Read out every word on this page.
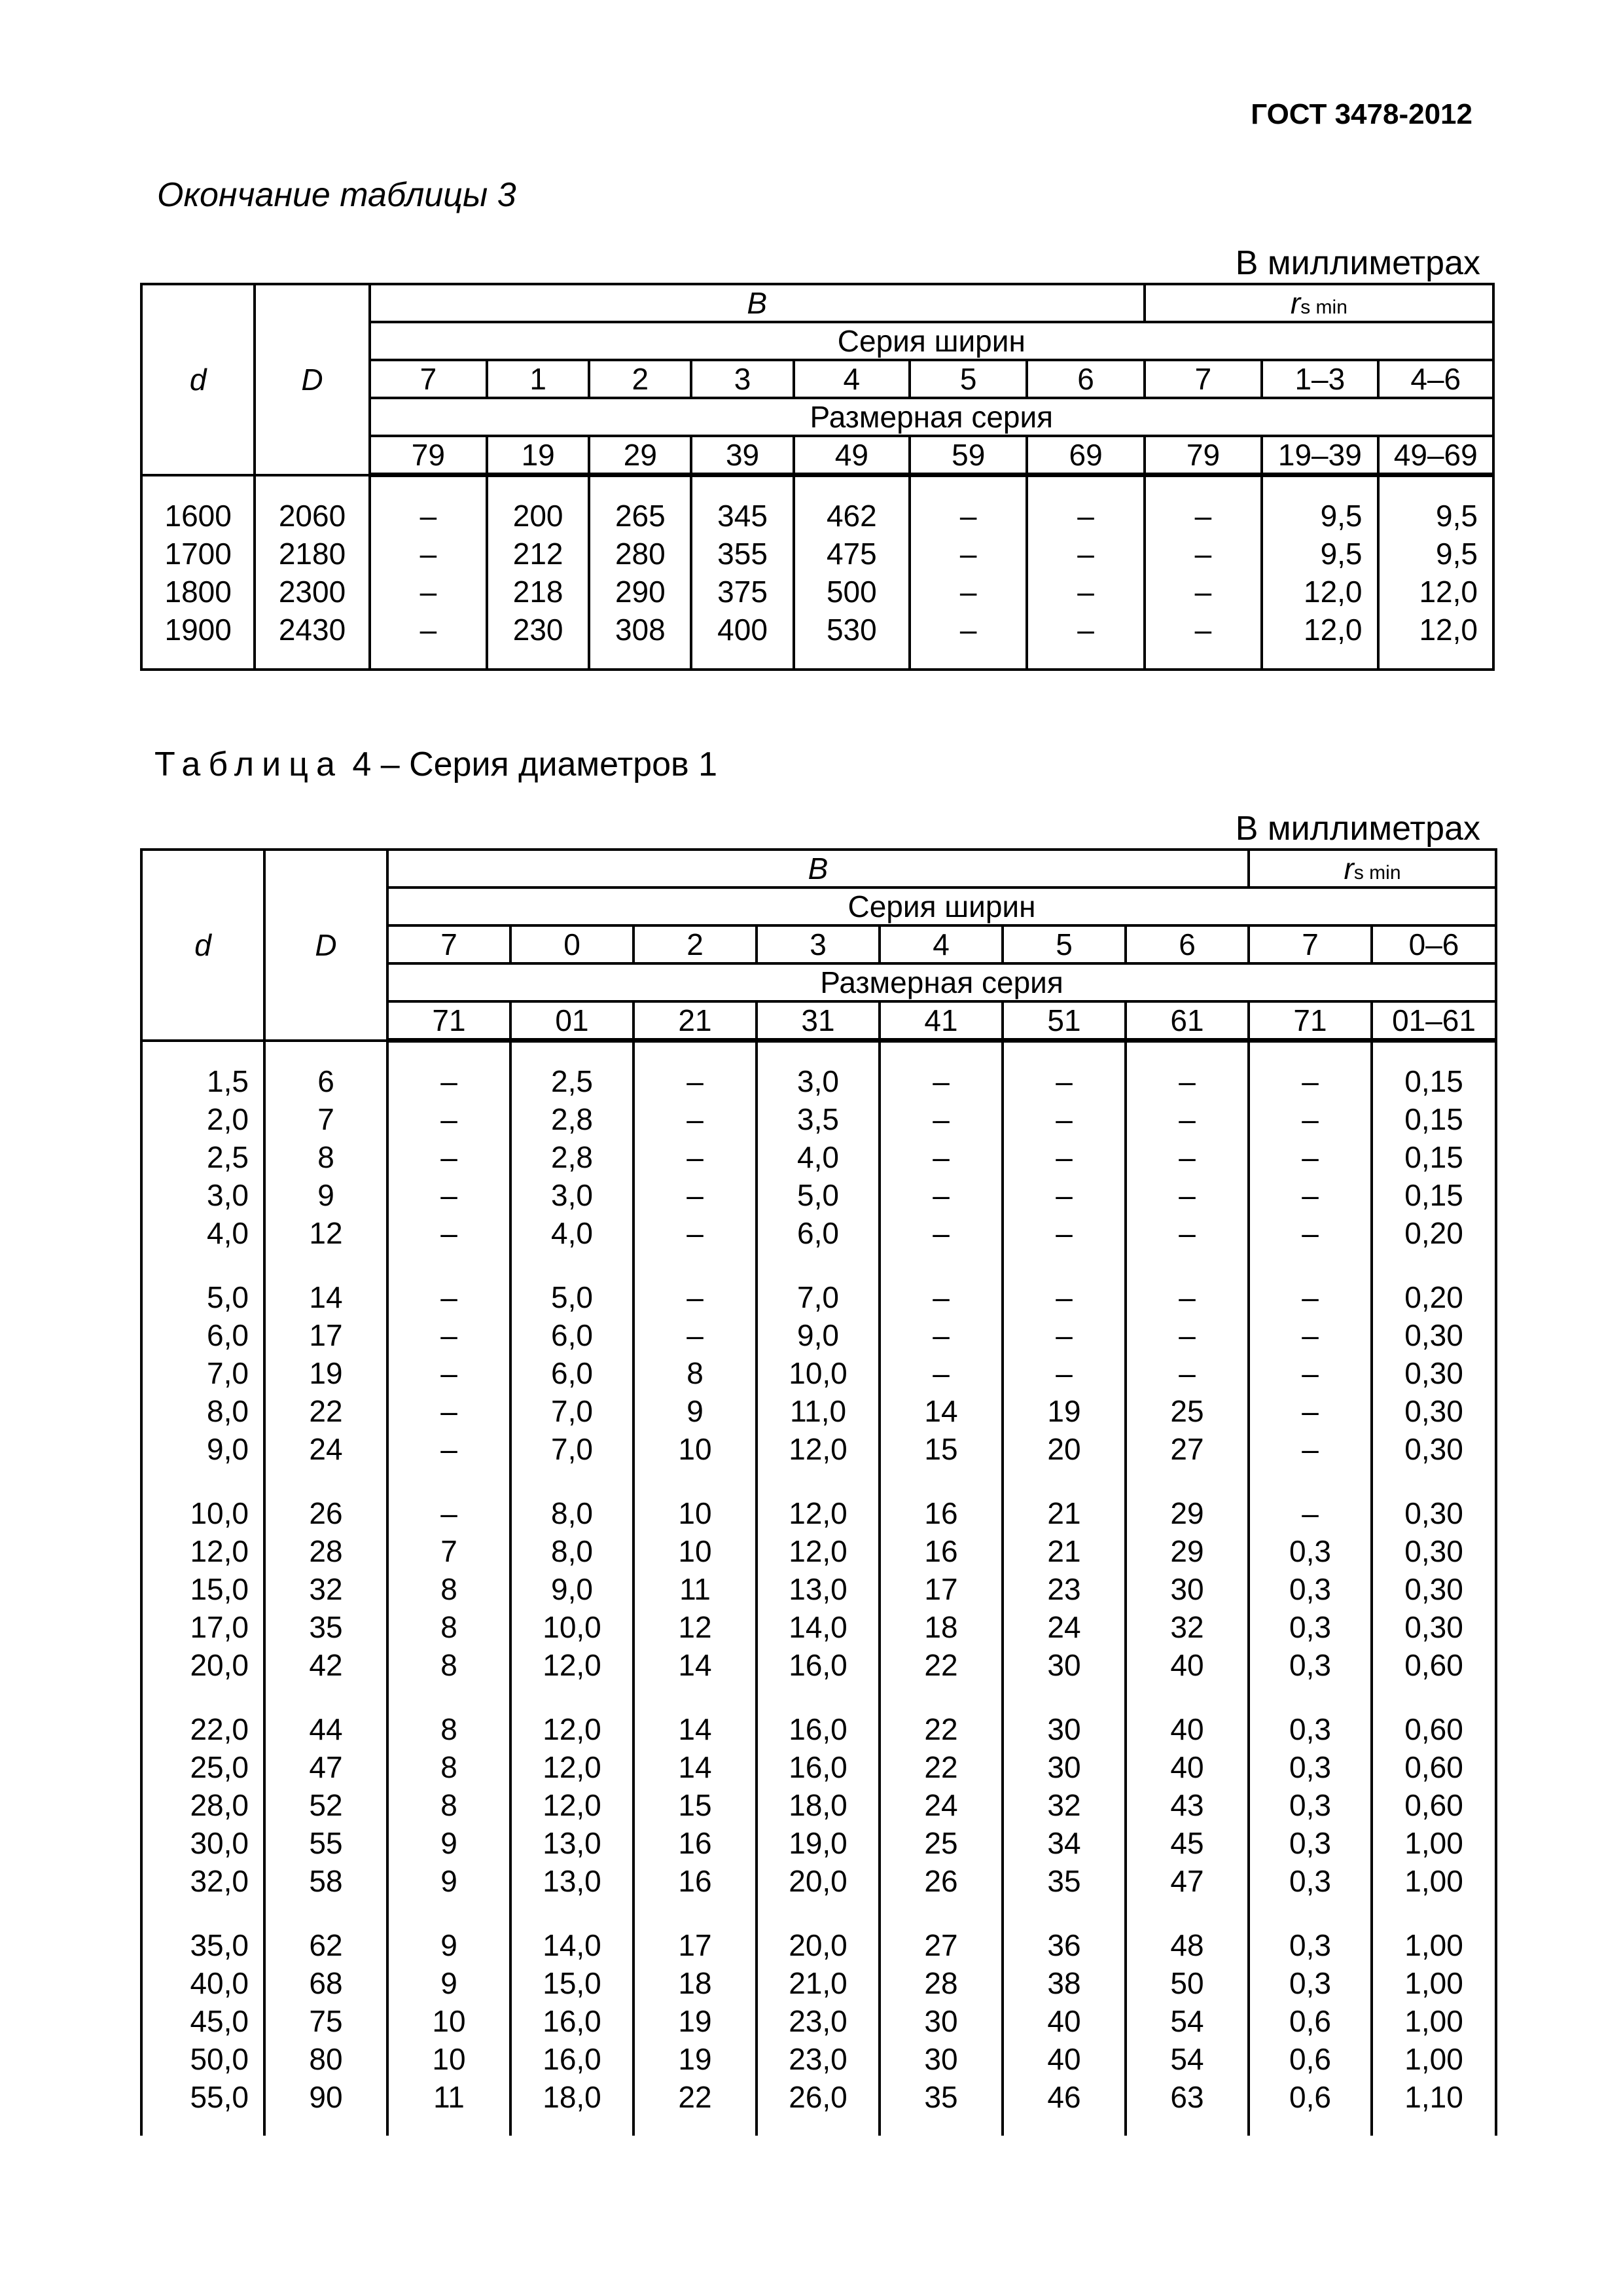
ГОСТ 3478-2012
Окончание таблицы 3
В миллиметрах
d	D	B							rs min		
		Серия ширин									
		7	1	2	3	4	5	6	7	1–3	4–6
		Размерная серия									
		79	19	29	39	49	59	69	79	19–39	49–69

1600	2060	–	200	265	345	462	–	–	–	9,5	9,5
1700	2180	–	212	280	355	475	–	–	–	9,5	9,5
1800	2300	–	218	290	375	500	–	–	–	12,0	12,0
1900	2430	–	230	308	400	530	–	–	–	12,0	12,0

Таблица 4 – Серия диаметров 1
В миллиметрах
d	D	B							rs min	
		Серия ширин								
		7	0	2	3	4	5	6	7	0–6
		Размерная серия								
		71	01	21	31	41	51	61	71	01–61

1,5	6	–	2,5	–	3,0	–	–	–	–	0,15
2,0	7	–	2,8	–	3,5	–	–	–	–	0,15
2,5	8	–	2,8	–	4,0	–	–	–	–	0,15
3,0	9	–	3,0	–	5,0	–	–	–	–	0,15
4,0	12	–	4,0	–	6,0	–	–	–	–	0,20

5,0	14	–	5,0	–	7,0	–	–	–	–	0,20
6,0	17	–	6,0	–	9,0	–	–	–	–	0,30
7,0	19	–	6,0	8	10,0	–	–	–	–	0,30
8,0	22	–	7,0	9	11,0	14	19	25	–	0,30
9,0	24	–	7,0	10	12,0	15	20	27	–	0,30

10,0	26	–	8,0	10	12,0	16	21	29	–	0,30
12,0	28	7	8,0	10	12,0	16	21	29	0,3	0,30
15,0	32	8	9,0	11	13,0	17	23	30	0,3	0,30
17,0	35	8	10,0	12	14,0	18	24	32	0,3	0,30
20,0	42	8	12,0	14	16,0	22	30	40	0,3	0,60

22,0	44	8	12,0	14	16,0	22	30	40	0,3	0,60
25,0	47	8	12,0	14	16,0	22	30	40	0,3	0,60
28,0	52	8	12,0	15	18,0	24	32	43	0,3	0,60
30,0	55	9	13,0	16	19,0	25	34	45	0,3	1,00
32,0	58	9	13,0	16	20,0	26	35	47	0,3	1,00

35,0	62	9	14,0	17	20,0	27	36	48	0,3	1,00
40,0	68	9	15,0	18	21,0	28	38	50	0,3	1,00
45,0	75	10	16,0	19	23,0	30	40	54	0,6	1,00
50,0	80	10	16,0	19	23,0	30	40	54	0,6	1,00
55,0	90	11	18,0	22	26,0	35	46	63	0,6	1,10
